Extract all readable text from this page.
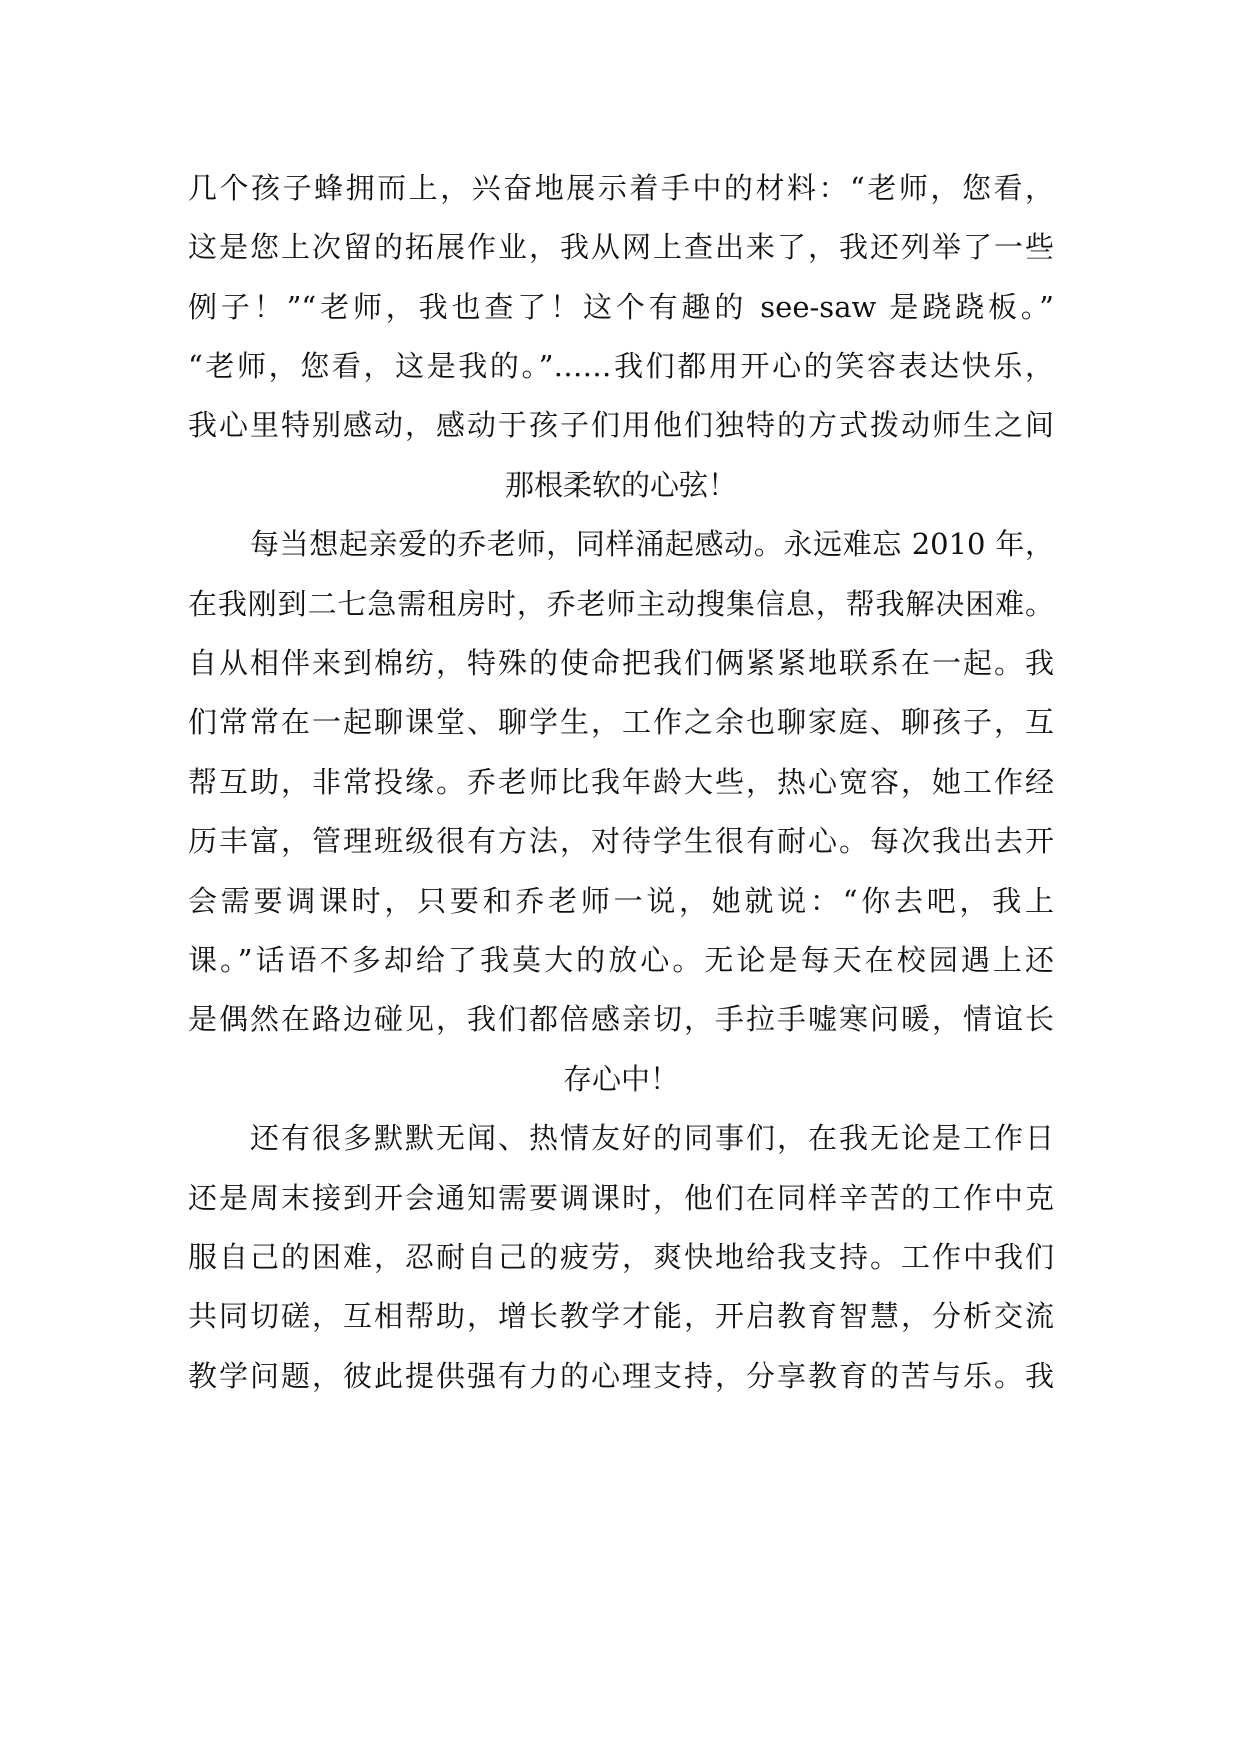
几个孩子蜂拥而上，兴奋地展示着手中的材料：“老师，您看，
这是您上次留的拓展作业，我从网上查出来了，我还列举了一些
例子！”“老师，我也查了！这个有趣的 see-saw 是跷跷板。”
“老师，您看，这是我的。”……我们都用开心的笑容表达快乐，
我心里特别感动，感动于孩子们用他们独特的方式拨动师生之间
那根柔软的心弦！
每当想起亲爱的乔老师，同样涌起感动。永远难忘 2010 年，
在我刚到二七急需租房时，乔老师主动搜集信息，帮我解决困难。
自从相伴来到棉纺，特殊的使命把我们俩紧紧地联系在一起。我
们常常在一起聊课堂、聊学生，工作之余也聊家庭、聊孩子，互
帮互助，非常投缘。乔老师比我年龄大些，热心宽容，她工作经
历丰富，管理班级很有方法，对待学生很有耐心。每次我出去开
会需要调课时，只要和乔老师一说，她就说：“你去吧，我上
课。”话语不多却给了我莫大的放心。无论是每天在校园遇上还
是偶然在路边碰见，我们都倍感亲切，手拉手嘘寒问暖，情谊长
存心中！
还有很多默默无闻、热情友好的同事们，在我无论是工作日
还是周末接到开会通知需要调课时，他们在同样辛苦的工作中克
服自己的困难，忍耐自己的疲劳，爽快地给我支持。工作中我们
共同切磋，互相帮助，增长教学才能，开启教育智慧，分析交流
教学问题，彼此提供强有力的心理支持，分享教育的苦与乐。我
